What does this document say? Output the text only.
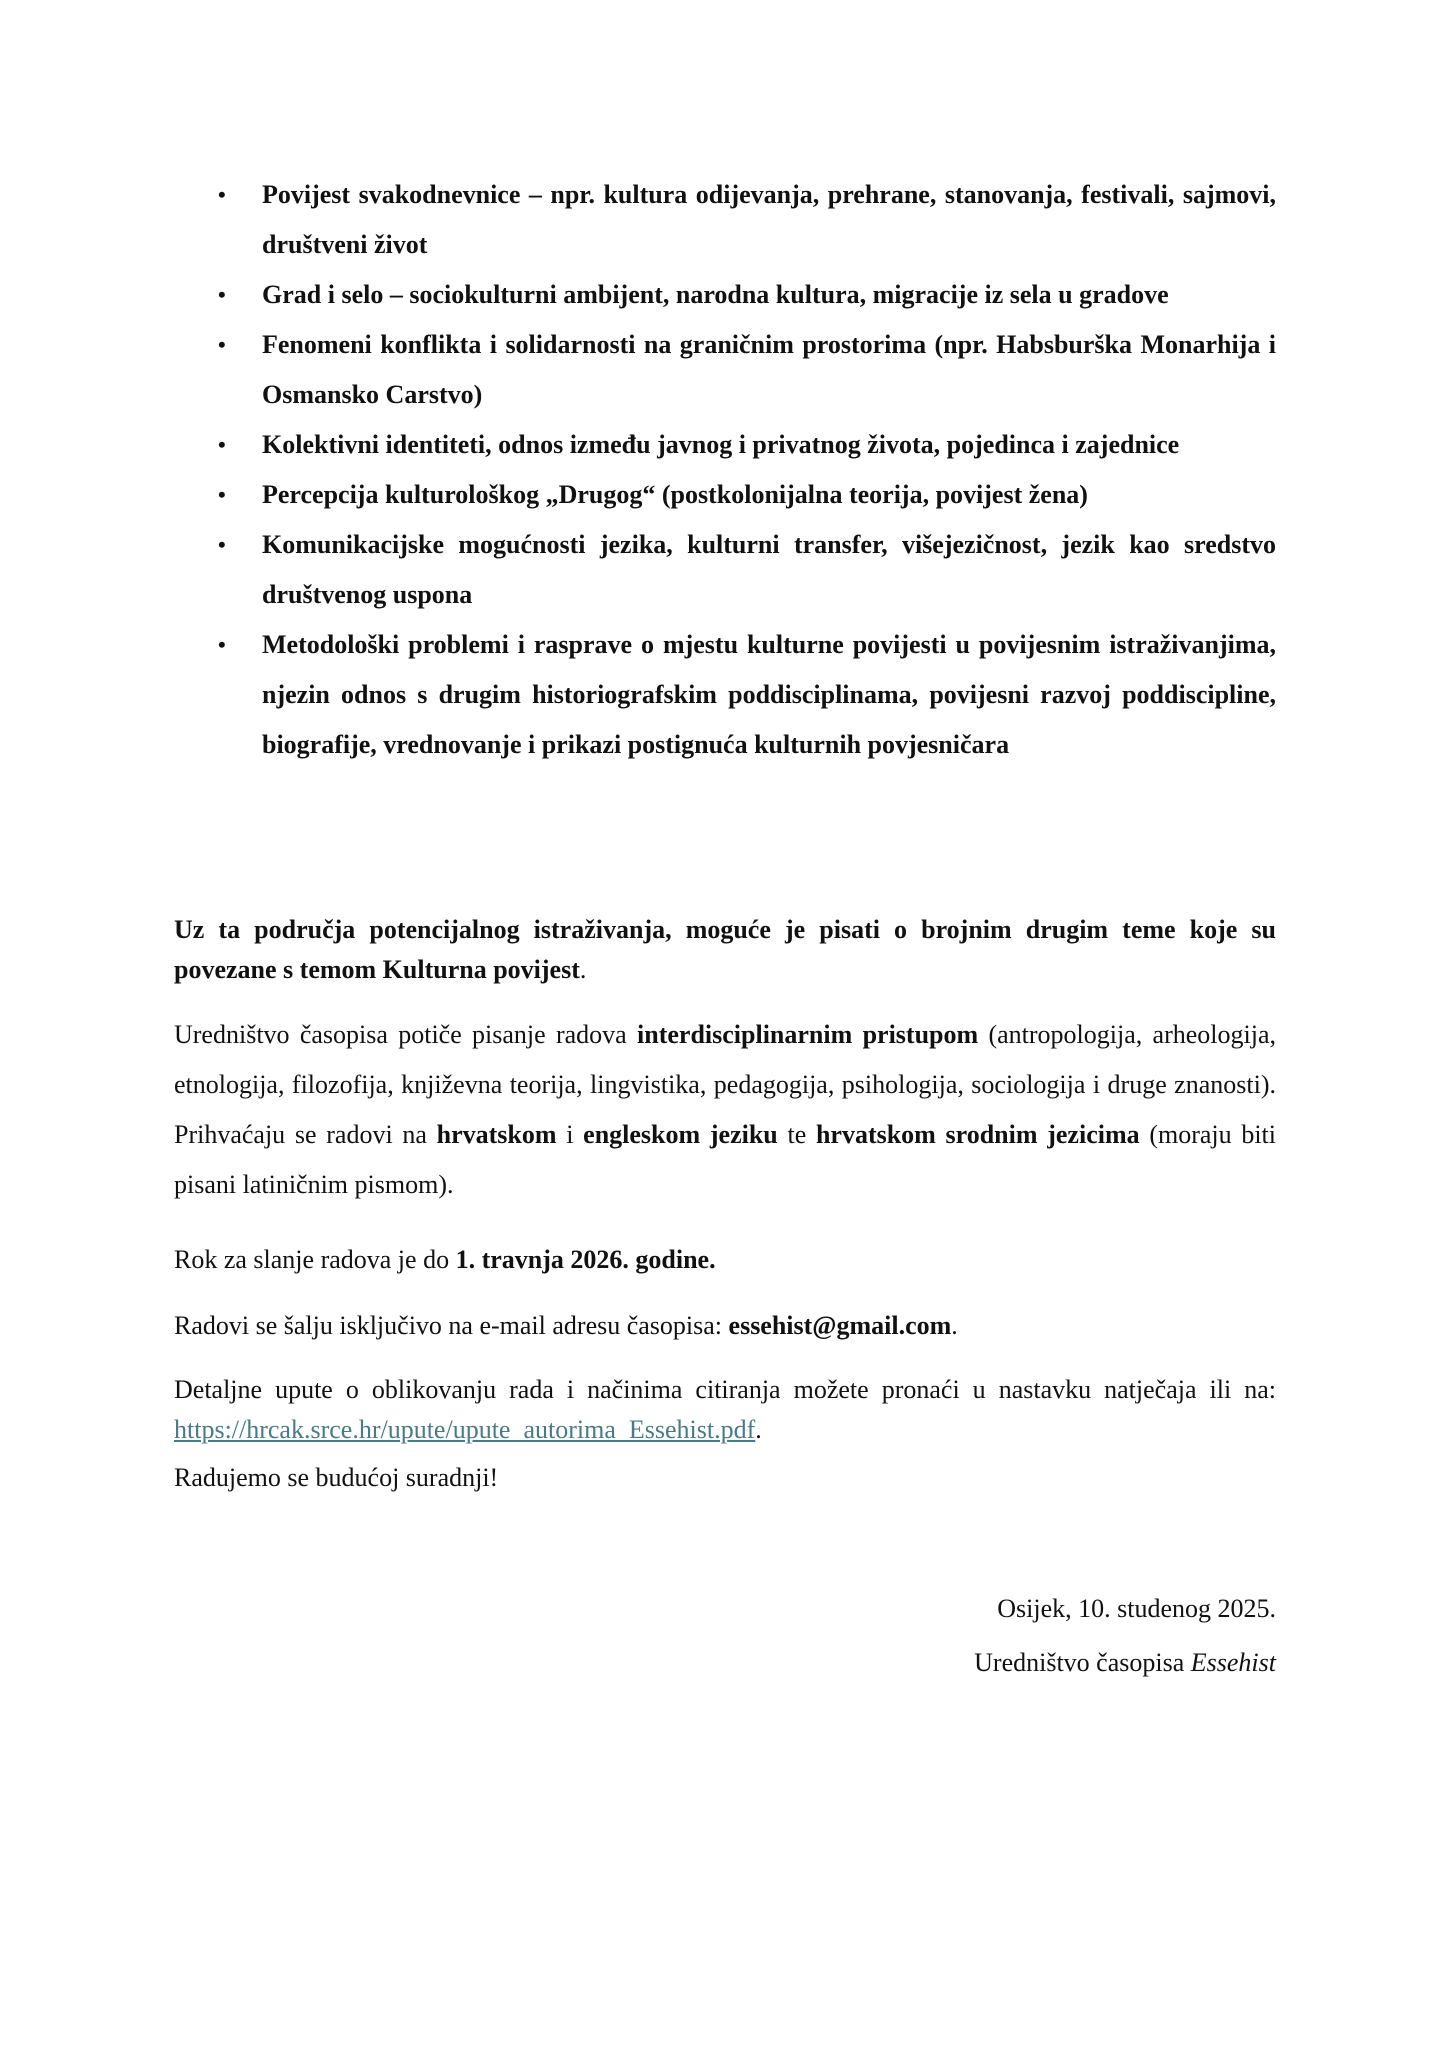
• Povijest svakodnevnice – npr. kultura odijevanja, prehrane, stanovanja, festivali, sajmovi, društveni život
• Grad i selo – sociokulturni ambijent, narodna kultura, migracije iz sela u gradove
• Fenomeni konflikta i solidarnosti na graničnim prostorima (npr. Habsburška Monarhija i Osmansko Carstvo)
• Kolektivni identiteti, odnos između javnog i privatnog života, pojedinca i zajednice
• Percepcija kulturološkog „Drugog“ (postkolonijalna teorija, povijest žena)
• Komunikacijske mogućnosti jezika, kulturni transfer, višejezičnost, jezik kao sredstvo društvenog uspona
• Metodološki problemi i rasprave o mjestu kulturne povijesti u povijesnim istraživanjima, njezin odnos s drugim historiografskim poddisciplinama, povijesni razvoj poddiscipline, biografije, vrednovanje i prikazi postignuća kulturnih povjesničara

Uz ta područja potencijalnog istraživanja, moguće je pisati o brojnim drugim teme koje su povezane s temom Kulturna povijest.

Uredništvo časopisa potiče pisanje radova interdisciplinarnim pristupom (antropologija, arheologija, etnologija, filozofija, književna teorija, lingvistika, pedagogija, psihologija, sociologija i druge znanosti). Prihvaćaju se radovi na hrvatskom i engleskom jeziku te hrvatskom srodnim jezicima (moraju biti pisani latiničnim pismom).

Rok za slanje radova je do 1. travnja 2026. godine.

Radovi se šalju isključivo na e-mail adresu časopisa: essehist@gmail.com.

Detaljne upute o oblikovanju rada i načinima citiranja možete pronaći u nastavku natječaja ili na: https://hrcak.srce.hr/upute/upute_autorima_Essehist.pdf.

Radujemo se budućoj suradnji!

Osijek, 10. studenog 2025.
Uredništvo časopisa Essehist
